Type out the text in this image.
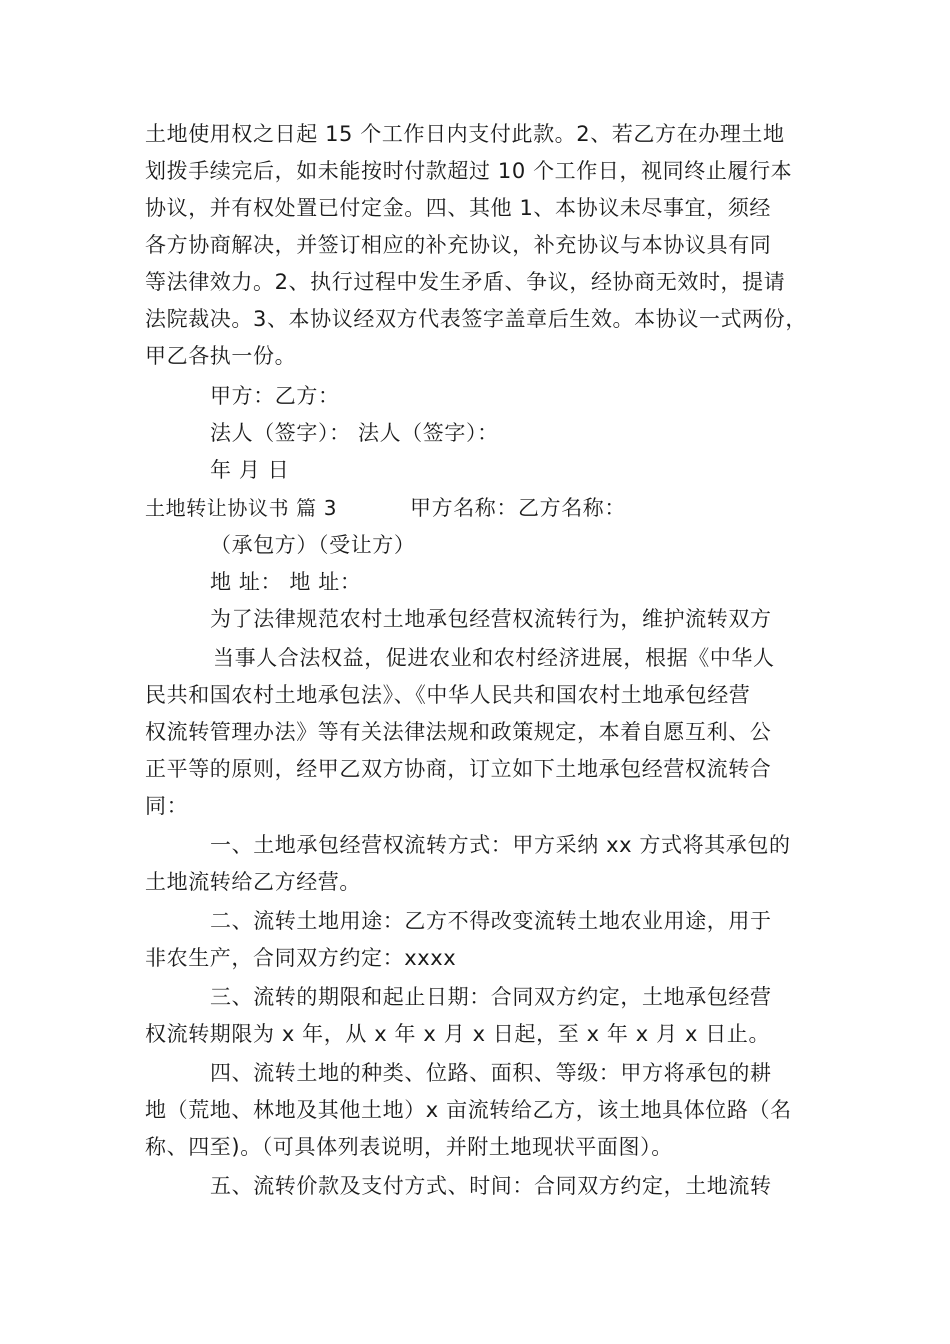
土地使用权之日起 15 个工作日内支付此款。2、若乙方在办理土地
划拨手续完后，如未能按时付款超过 10 个工作日，视同终止履行本
协议，并有权处置已付定金。四、其他 1、本协议未尽事宜，须经
各方协商解决，并签订相应的补充协议，补充协议与本协议具有同
等法律效力。2、执行过程中发生矛盾、争议，经协商无效时，提请
法院裁决。3、本协议经双方代表签字盖章后生效。本协议一式两份，
甲乙各执一份。
甲方：乙方：
法人（签字）： 法人（签字）：
年 月 日
土地转让协议书 篇 3	甲方名称：乙方名称：
（承包方）（受让方）
地 址： 地 址：
为了法律规范农村土地承包经营权流转行为，维护流转双方
当事人合法权益，促进农业和农村经济进展，根据《中华人
民共和国农村土地承包法》、《中华人民共和国农村土地承包经营
权流转管理办法》等有关法律法规和政策规定，本着自愿互利、公
正平等的原则，经甲乙双方协商，订立如下土地承包经营权流转合
同：
一、土地承包经营权流转方式：甲方采纳 xx 方式将其承包的
土地流转给乙方经营。
二、流转土地用途：乙方不得改变流转土地农业用途，用于
非农生产，合同双方约定：xxxx
三、流转的期限和起止日期：合同双方约定，土地承包经营
权流转期限为 x 年，从 x 年 x 月 x 日起，至 x 年 x 月 x 日止。
四、流转土地的种类、位路、面积、等级：甲方将承包的耕
地（荒地、林地及其他土地）x 亩流转给乙方，该土地具体位路（名
称、四至)。（可具体列表说明，并附土地现状平面图）。
五、流转价款及支付方式、时间：合同双方约定，土地流转
